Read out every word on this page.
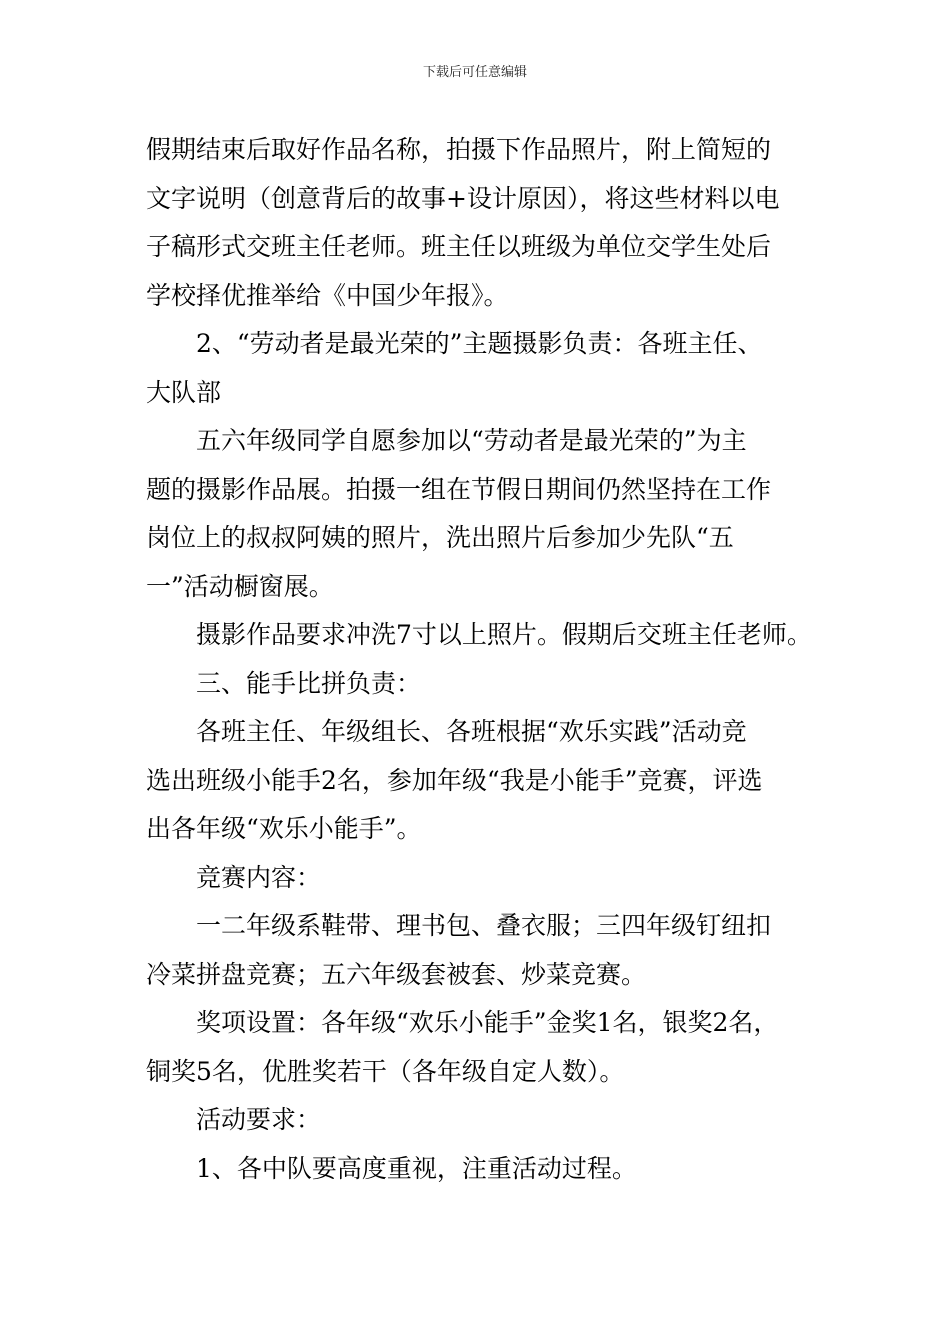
下载后可任意编辑

假期结束后取好作品名称，拍摄下作品照片，附上简短的
文字说明（创意背后的故事+设计原因），将这些材料以电
子稿形式交班主任老师。班主任以班级为单位交学生处后
学校择优推举给《中国少年报》。

2、“劳动者是最光荣的”主题摄影负责：各班主任、
大队部

五六年级同学自愿参加以“劳动者是最光荣的”为主
题的摄影作品展。拍摄一组在节假日期间仍然坚持在工作
岗位上的叔叔阿姨的照片，洗出照片后参加少先队“五
一”活动橱窗展。

摄影作品要求冲洗7寸以上照片。假期后交班主任老师。

三、能手比拼负责：

各班主任、年级组长、各班根据“欢乐实践”活动竞
选出班级小能手2名，参加年级“我是小能手”竞赛，评选
出各年级“欢乐小能手”。

竞赛内容：

一二年级系鞋带、理书包、叠衣服；三四年级钉纽扣
冷菜拼盘竞赛；五六年级套被套、炒菜竞赛。

奖项设置：各年级“欢乐小能手”金奖1名，银奖2名，
铜奖5名，优胜奖若干（各年级自定人数）。

活动要求：

1、各中队要高度重视，注重活动过程。
